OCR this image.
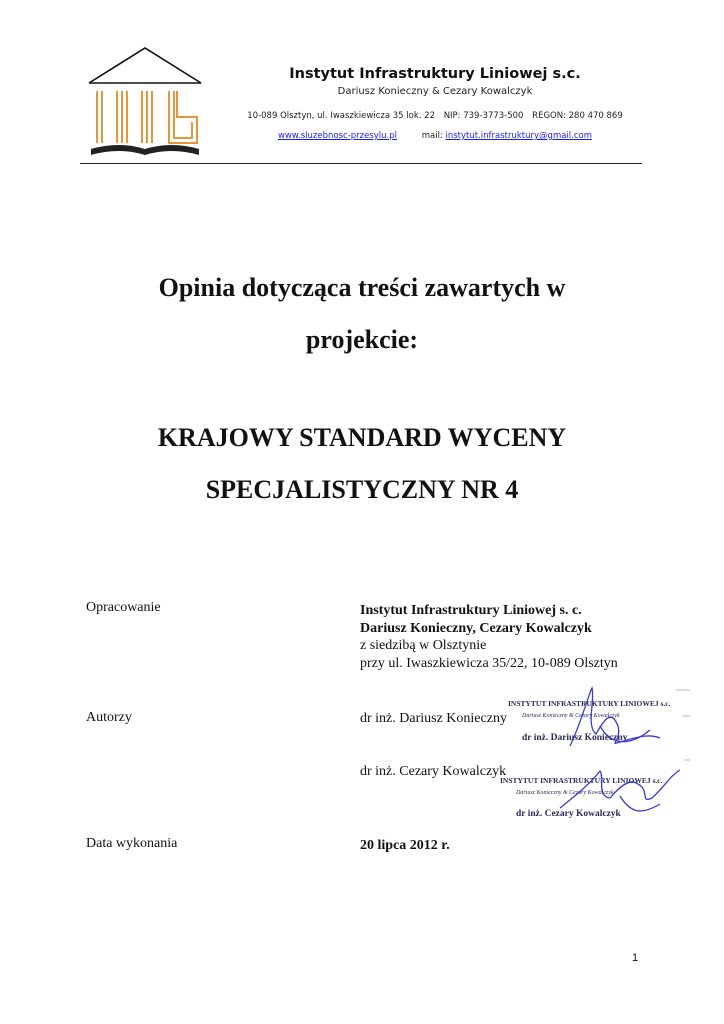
Instytut Infrastruktury Liniowej s.c.
Dariusz Konieczny & Cezary Kowalczyk
10-089 Olsztyn, ul. Iwaszkiewicza 35 lok. 22 NIP: 739-3773-500 REGON: 280 470 869
www.sluzebnosc-przesylu.pl	mail: instytut.infrastruktury@gmail.com
Opinia dotycząca treści zawartych w
projekcie:
KRAJOWY STANDARD WYCENY
SPECJALISTYCZNY NR 4
Opracowanie	Instytut Infrastruktury Liniowej s. c.
Dariusz Konieczny, Cezary Kowalczyk
z siedzibą w Olsztynie
przy ul. Iwaszkiewicza 35/22, 10-089 Olsztyn
Autorzy	dr inż. Dariusz Konieczny
dr inż. Cezary Kowalczyk
INSTYTUT INFRASTRUKTURY LINIOWEJ s.c.
Dariusz Konieczny & Cezary Kowalczyk
dr inż. Dariusz Konieczny
INSTYTUT INFRASTRUKTURY LINIOWEJ s.c.
Dariusz Konieczny & Cezary Kowalczyk
dr inż. Cezary Kowalczyk
Data wykonania	20 lipca 2012 r.
1
